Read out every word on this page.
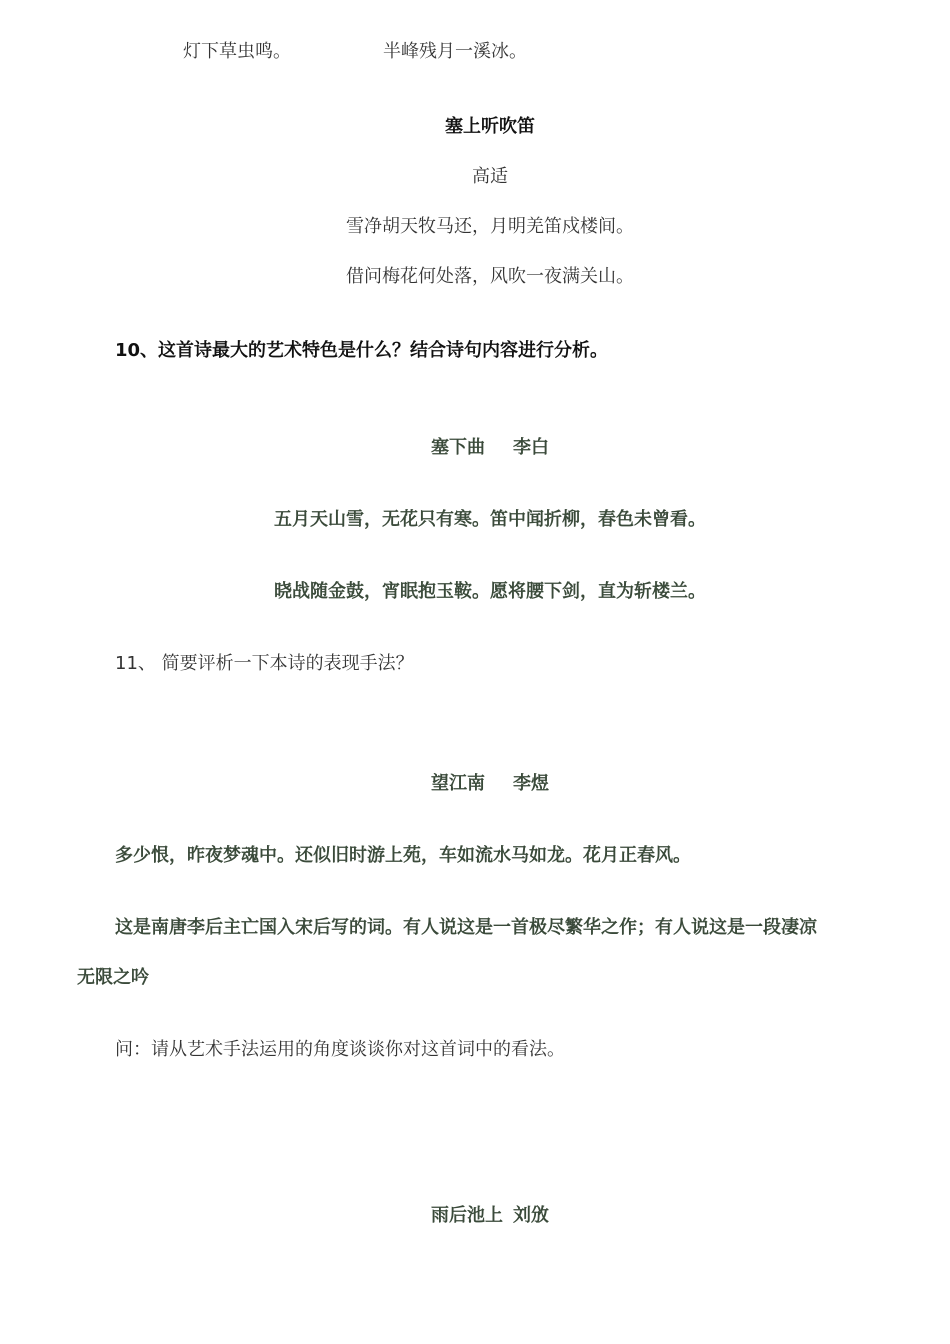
灯下草虫鸣。	半峰残月一溪冰。
塞上听吹笛
高适
雪净胡天牧马还，月明羌笛戍楼间。
借问梅花何处落，风吹一夜满关山。
10、这首诗最大的艺术特色是什么？结合诗句内容进行分析。
塞下曲 李白
五月天山雪，无花只有寒。笛中闻折柳，春色未曾看。
晓战随金鼓，宵眠抱玉鞍。愿将腰下剑，直为斩楼兰。
11、 简要评析一下本诗的表现手法？
望江南 李煜
多少恨，昨夜梦魂中。还似旧时游上苑，车如流水马如龙。花月正春风。
这是南唐李后主亡国入宋后写的词。有人说这是一首极尽繁华之作；有人说这是一段凄凉
无限之吟
问：请从艺术手法运用的角度谈谈你对这首词中的看法。
雨后池上 刘攽
